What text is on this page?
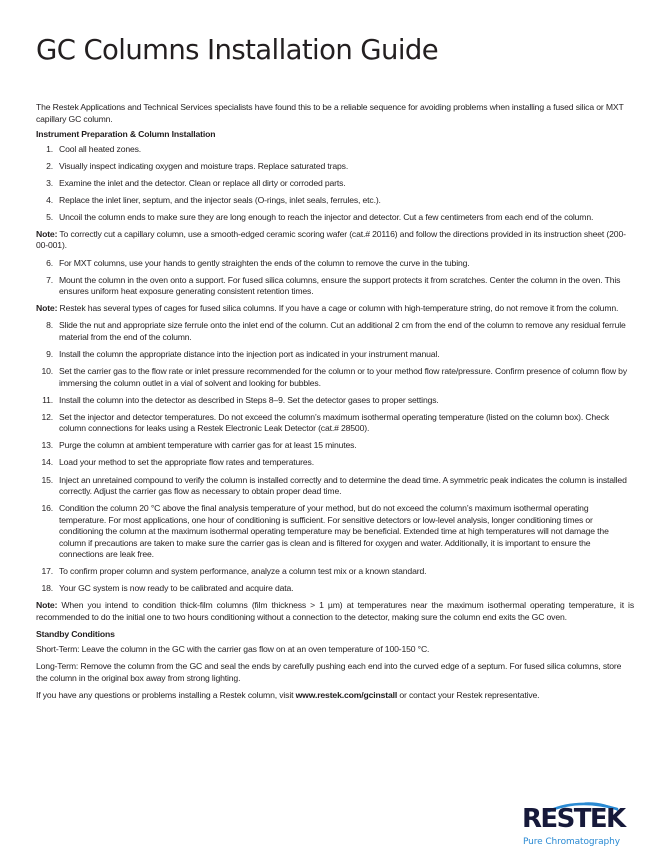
GC Columns Installation Guide

The Restek Applications and Technical Services specialists have found this to be a reliable sequence for avoiding problems when installing a fused silica or MXT capillary GC column.

Instrument Preparation & Column Installation

1. Cool all heated zones.
2. Visually inspect indicating oxygen and moisture traps. Replace saturated traps.
3. Examine the inlet and the detector. Clean or replace all dirty or corroded parts.
4. Replace the inlet liner, septum, and the injector seals (O-rings, inlet seals, ferrules, etc.).
5. Uncoil the column ends to make sure they are long enough to reach the injector and detector. Cut a few centimeters from each end of the column.

Note: To correctly cut a capillary column, use a smooth-edged ceramic scoring wafer (cat.# 20116) and follow the directions provided in its instruction sheet (200-00-001).

6. For MXT columns, use your hands to gently straighten the ends of the column to remove the curve in the tubing.
7. Mount the column in the oven onto a support. For fused silica columns, ensure the support protects it from scratches. Center the column in the oven. This ensures uniform heat exposure generating consistent retention times.

Note: Restek has several types of cages for fused silica columns. If you have a cage or column with high-temperature string, do not remove it from the column.

8. Slide the nut and appropriate size ferrule onto the inlet end of the column. Cut an additional 2 cm from the end of the column to remove any residual ferrule material from the end of the column.
9. Install the column the appropriate distance into the injection port as indicated in your instrument manual.
10. Set the carrier gas to the flow rate or inlet pressure recommended for the column or to your method flow rate/pressure. Confirm presence of column flow by immersing the column outlet in a vial of solvent and looking for bubbles.
11. Install the column into the detector as described in Steps 8–9. Set the detector gases to proper settings.
12. Set the injector and detector temperatures. Do not exceed the column’s maximum isothermal operating temperature (listed on the column box). Check column connections for leaks using a Restek Electronic Leak Detector (cat.# 28500).
13. Purge the column at ambient temperature with carrier gas for at least 15 minutes.
14. Load your method to set the appropriate flow rates and temperatures.
15. Inject an unretained compound to verify the column is installed correctly and to determine the dead time. A symmetric peak indicates the column is installed correctly. Adjust the carrier gas flow as necessary to obtain proper dead time.
16. Condition the column 20 °C above the final analysis temperature of your method, but do not exceed the column’s maximum isothermal operating temperature. For most applications, one hour of conditioning is sufficient. For sensitive detectors or low-level analysis, longer conditioning times or conditioning the column at the maximum isothermal operating temperature may be beneficial. Extended time at high temperatures will not damage the column if precautions are taken to make sure the carrier gas is clean and is filtered for oxygen and water. Additionally, it is important to ensure the connections are leak free.
17. To confirm proper column and system performance, analyze a column test mix or a known standard.
18. Your GC system is now ready to be calibrated and acquire data.

Note: When you intend to condition thick-film columns (film thickness > 1 µm) at temperatures near the maximum isothermal operating temperature, it is recommended to do the initial one to two hours conditioning without a connection to the detector, making sure the column end exits the GC oven.

Standby Conditions

Short-Term: Leave the column in the GC with the carrier gas flow on at an oven temperature of 100-150 °C.

Long-Term: Remove the column from the GC and seal the ends by carefully pushing each end into the curved edge of a septum. For fused silica columns, store the column in the original box away from strong lighting.

If you have any questions or problems installing a Restek column, visit www.restek.com/gcinstall or contact your Restek representative.

RESTEK
Pure Chromatography
